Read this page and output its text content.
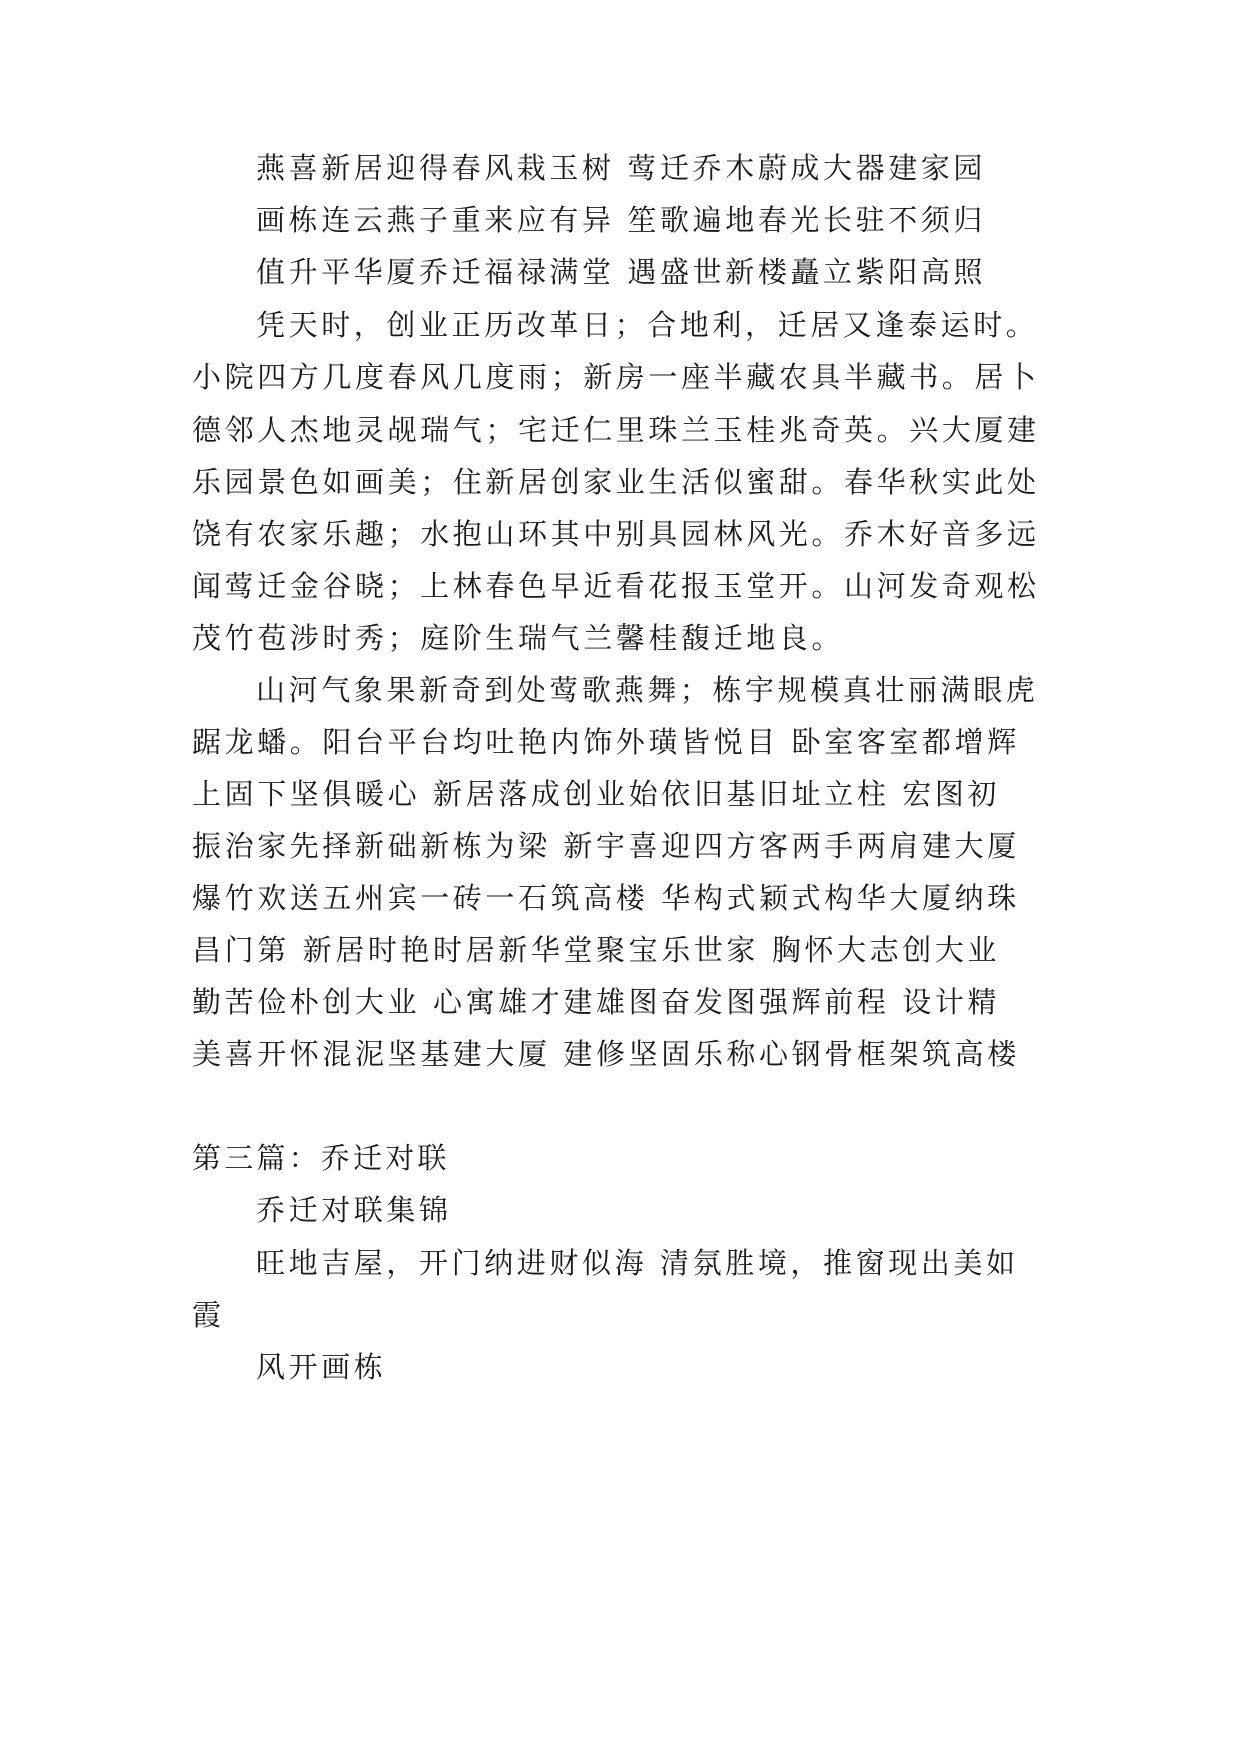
燕喜新居迎得春风栽玉树 莺迁乔木蔚成大器建家园
画栋连云燕子重来应有异 笙歌遍地春光长驻不须归
值升平华厦乔迁福禄满堂 遇盛世新楼矗立紫阳高照
凭天时，创业正历改革日；合地利，迁居又逢泰运时。
小院四方几度春风几度雨；新房一座半藏农具半藏书。居卜
德邻人杰地灵觇瑞气；宅迁仁里珠兰玉桂兆奇英。兴大厦建
乐园景色如画美；住新居创家业生活似蜜甜。春华秋实此处
饶有农家乐趣；水抱山环其中别具园林风光。乔木好音多远
闻莺迁金谷晓；上林春色早近看花报玉堂开。山河发奇观松
茂竹苞涉时秀；庭阶生瑞气兰馨桂馥迁地良。
山河气象果新奇到处莺歌燕舞；栋宇规模真壮丽满眼虎
踞龙蟠。阳台平台均吐艳内饰外璜皆悦目 卧室客室都增辉
上固下坚俱暖心 新居落成创业始依旧基旧址立柱 宏图初
振治家先择新础新栋为梁 新宇喜迎四方客两手两肩建大厦
爆竹欢送五州宾一砖一石筑高楼 华构式颖式构华大厦纳珠
昌门第 新居时艳时居新华堂聚宝乐世家 胸怀大志创大业
勤苦俭朴创大业 心寓雄才建雄图奋发图强辉前程 设计精
美喜开怀混泥坚基建大厦 建修坚固乐称心钢骨框架筑高楼
第三篇：乔迁对联
乔迁对联集锦
旺地吉屋，开门纳进财似海 清氛胜境，推窗现出美如
霞
风开画栋
